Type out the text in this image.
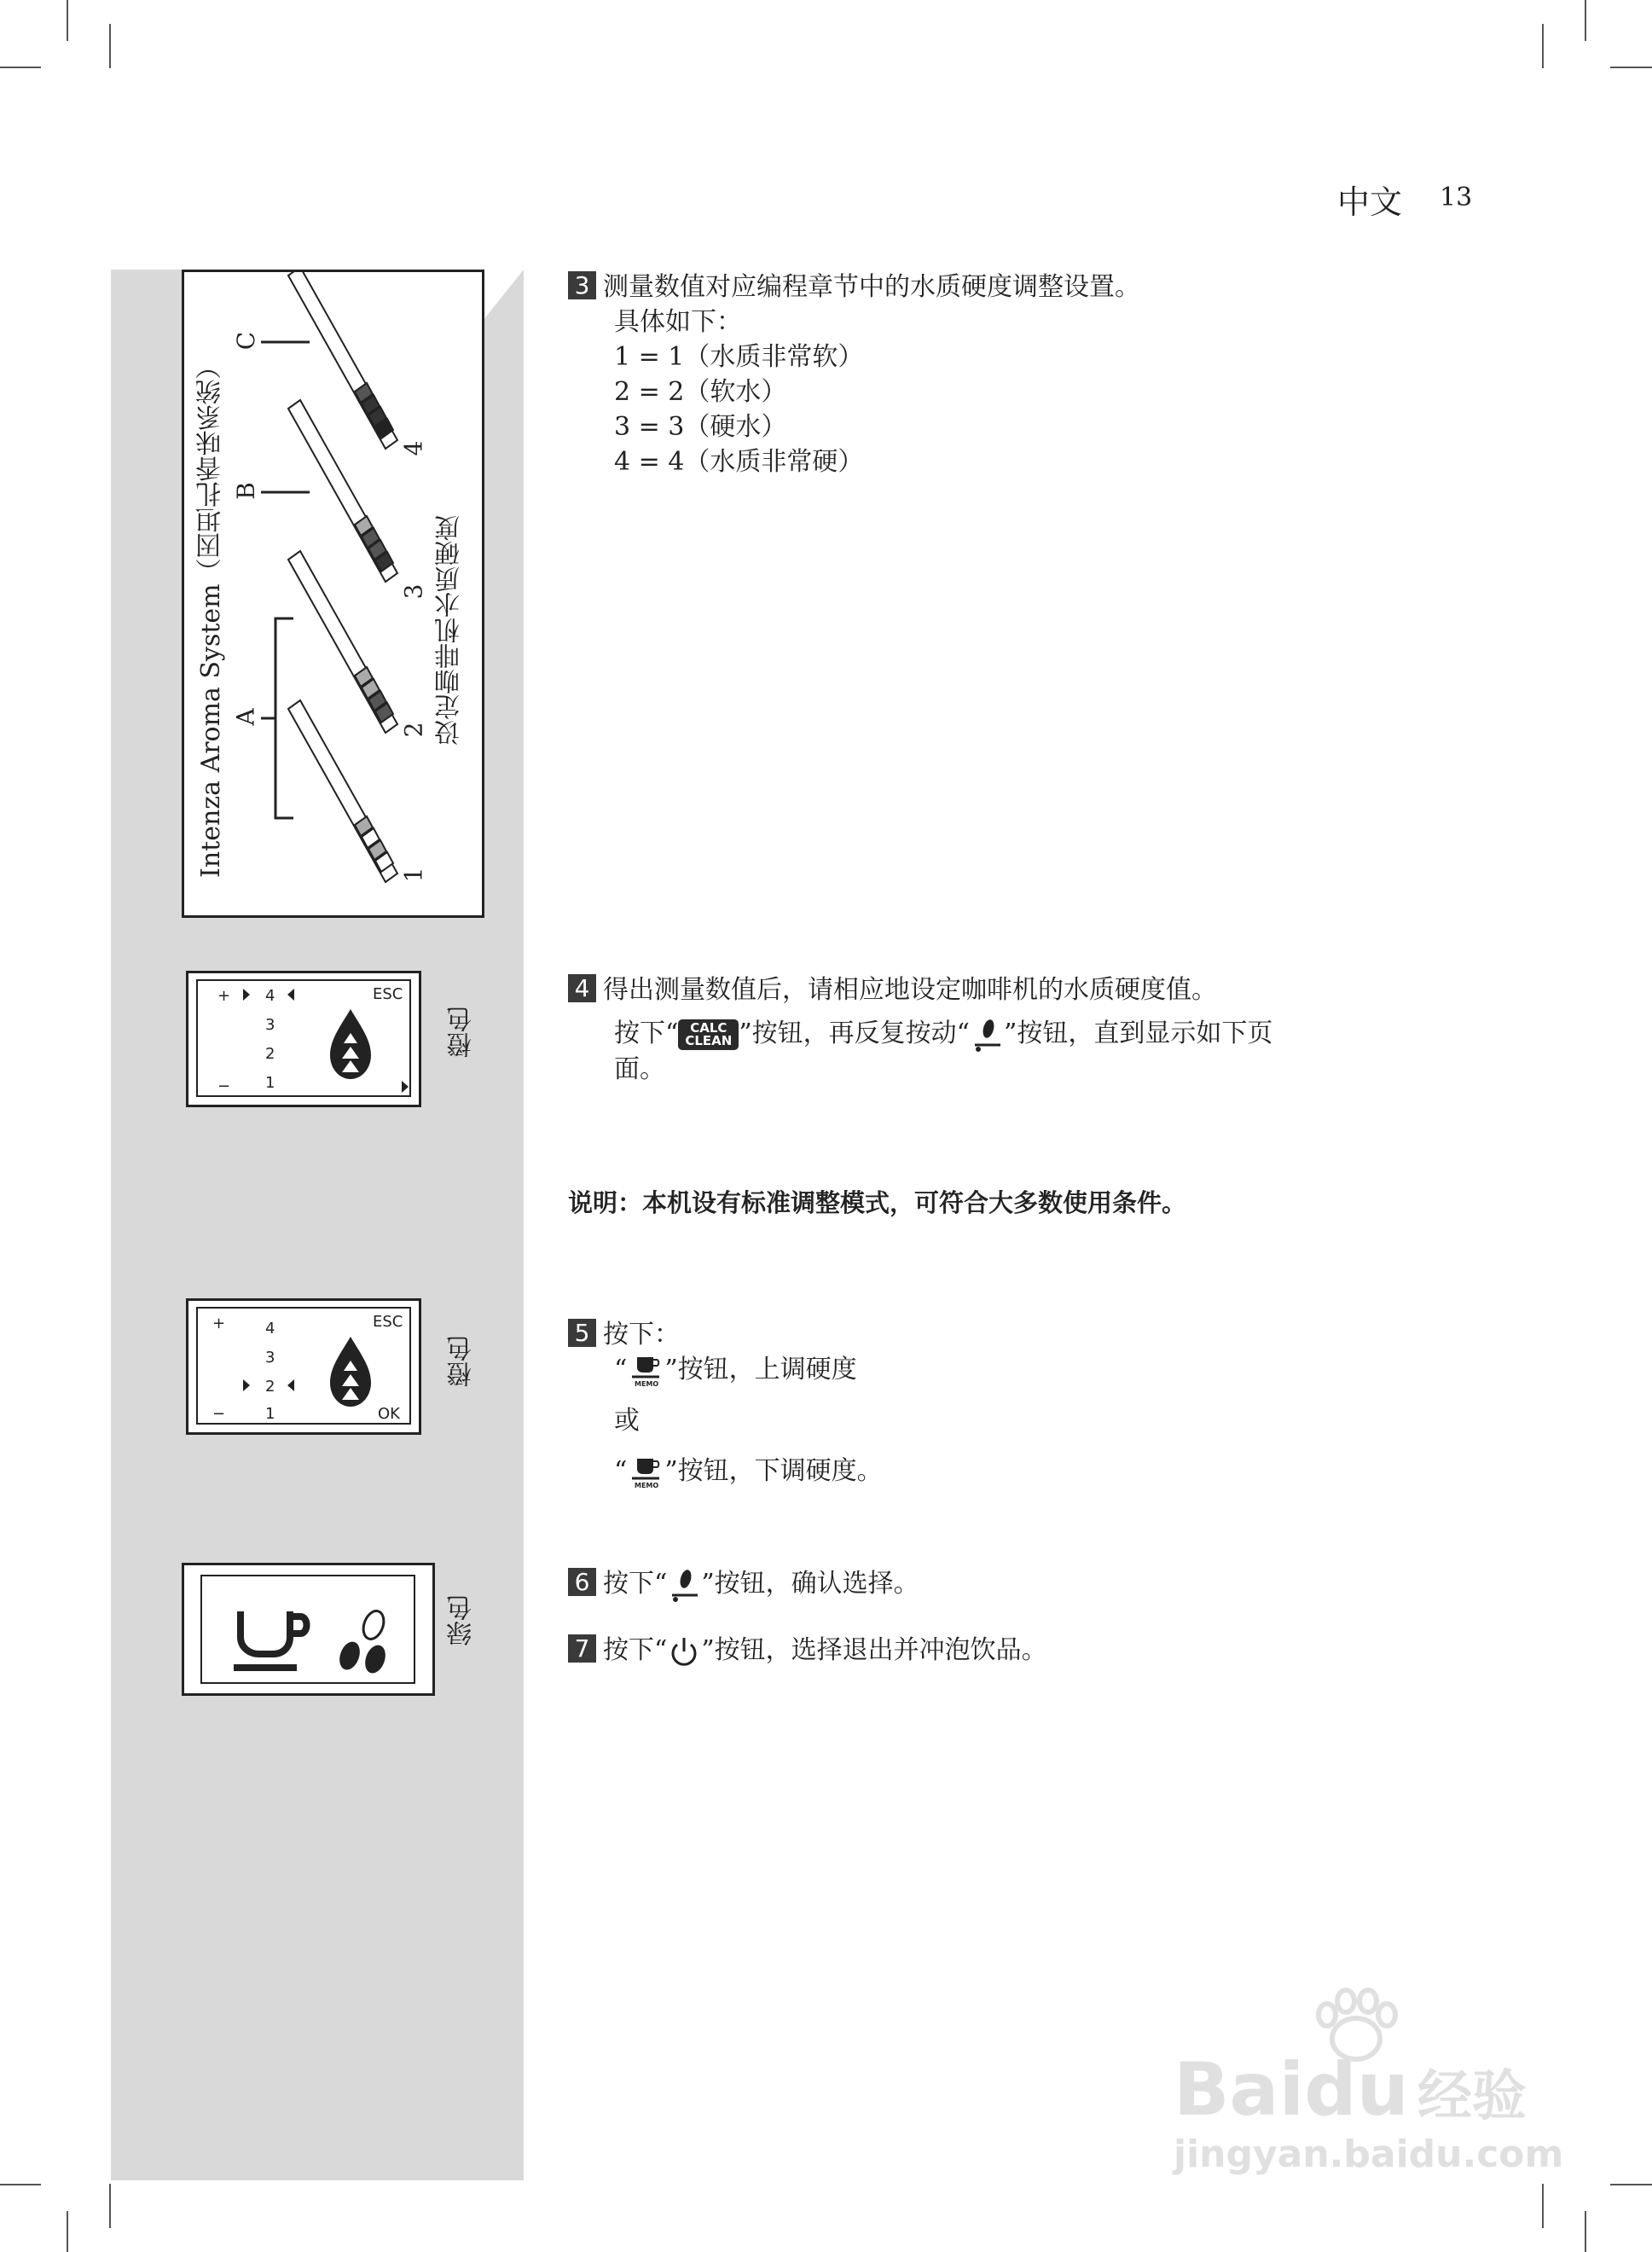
中文 13
Intenza Aroma System（因坦扎香味系统）	设定咖啡机水质硬度
A
B
C
1
2
3
4
+
−
4
3
2
1
ESC
橙色
+
−
4
3
2
1
ESC
OK
橙色
绿色
3 测量数值对应编程章节中的水质硬度调整设置。
具体如下：
1 = 1（水质非常软）
2 = 2（软水）
3 = 3（硬水）
4 = 4（水质非常硬）
4 得出测量数值后，请相应地设定咖啡机的水质硬度值。
按下“ CALC
CLEAN ”按钮，再反复按动“ ”按钮，直到显示如下页
面。
说明：本机设有标准调整模式，可符合大多数使用条件。
5 按下：
“ MEMO ”按钮，上调硬度
或
“ MEMO ”按钮，下调硬度。
6 按下“ ”按钮，确认选择。
7 按下“ ”按钮，选择退出并冲泡饮品。
Baidu 经验
jingyan.baidu.com
